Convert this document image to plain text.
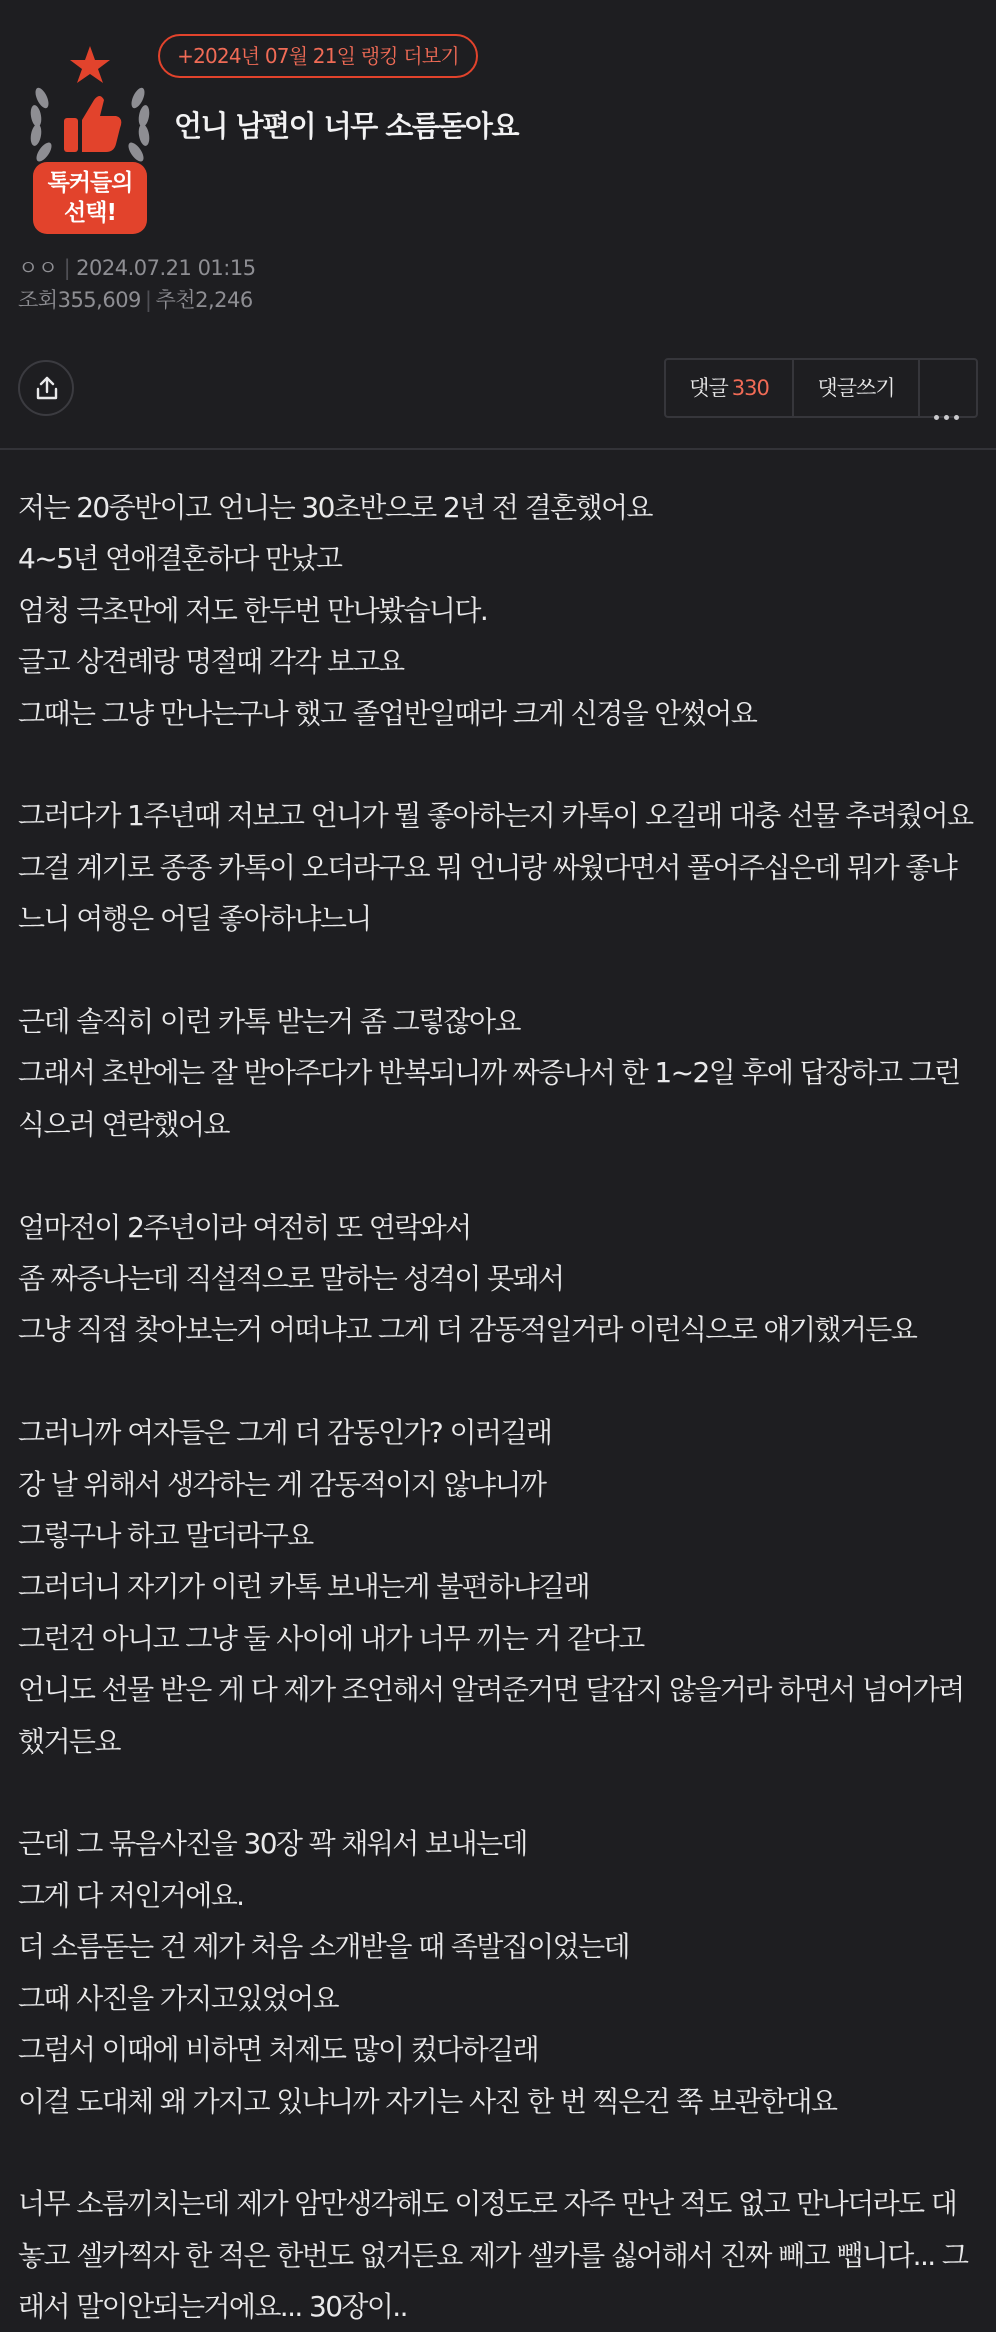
톡커들의
선택!
+2024년 07월 21일 랭킹 더보기
언니 남편이 너무 소름돋아요
ㅇㅇ | 2024.07.21 01:15
조회355,609 | 추천2,246
댓글 330	댓글쓰기

저는 20중반이고 언니는 30초반으로 2년 전 결혼했어요

4~5년 연애결혼하다 만났고

엄청 극초만에 저도 한두번 만나봤습니다.

글고 상견례랑 명절때 각각 보고요

그때는 그냥 만나는구나 했고 졸업반일때라 크게 신경을 안썼어요

그러다가 1주년때 저보고 언니가 뭘 좋아하는지 카톡이 오길래 대충 선물 추려줬어요

그걸 계기로 종종 카톡이 오더라구요 뭐 언니랑 싸웠다면서 풀어주십은데 뭐가 좋냐

느니 여행은 어딜 좋아하냐느니

근데 솔직히 이런 카톡 받는거 좀 그렇잖아요

그래서 초반에는 잘 받아주다가 반복되니까 짜증나서 한 1~2일 후에 답장하고 그런

식으러 연락했어요

얼마전이 2주년이라 여전히 또 연락와서

좀 짜증나는데 직설적으로 말하는 성격이 못돼서

그냥 직접 찾아보는거 어떠냐고 그게 더 감동적일거라 이런식으로 얘기했거든요

그러니까 여자들은 그게 더 감동인가? 이러길래

강 날 위해서 생각하는 게 감동적이지 않냐니까

그렇구나 하고 말더라구요

그러더니 자기가 이런 카톡 보내는게 불편하냐길래

그런건 아니고 그냥 둘 사이에 내가 너무 끼는 거 같다고

언니도 선물 받은 게 다 제가 조언해서 알려준거면 달갑지 않을거라 하면서 넘어가려

했거든요

근데 그 묶음사진을 30장 꽉 채워서 보내는데

그게 다 저인거에요.

더 소름돋는 건 제가 처음 소개받을 때 족발집이었는데

그때 사진을 가지고있었어요

그럼서 이때에 비하면 처제도 많이 컸다하길래

이걸 도대체 왜 가지고 있냐니까 자기는 사진 한 번 찍은건 쭉 보관한대요

너무 소름끼치는데 제가 암만생각해도 이정도로 자주 만난 적도 없고 만나더라도 대

놓고 셀카찍자 한 적은 한번도 없거든요 제가 셀카를 싫어해서 진짜 빼고 뺍니다... 그

래서 말이안되는거에요... 30장이..
